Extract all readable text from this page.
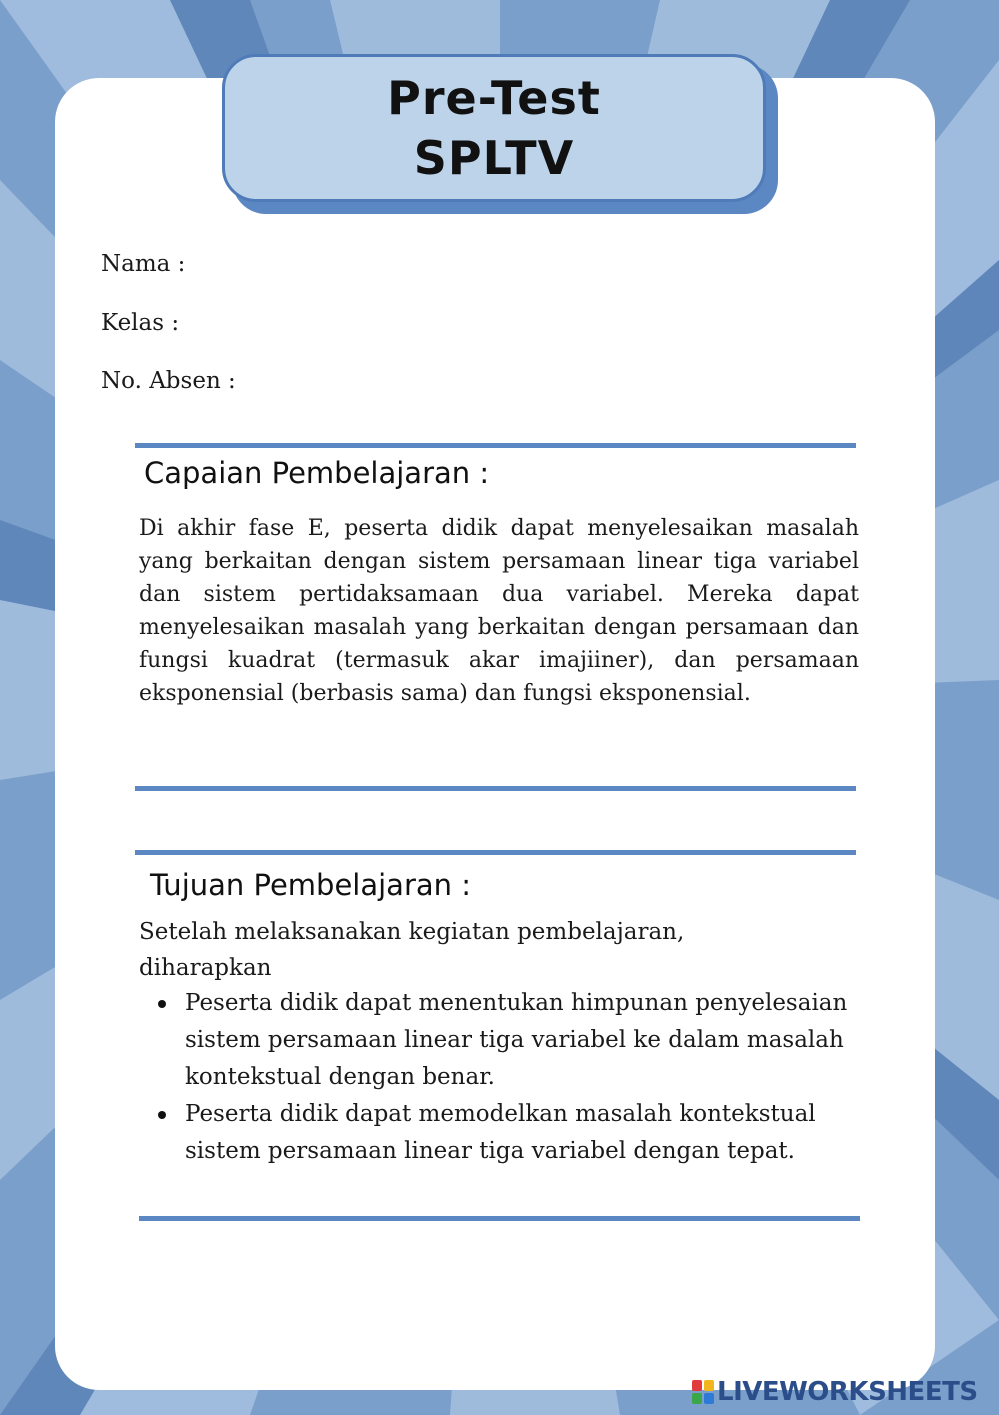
Pre-Test
SPLTV
Nama :
Kelas :
No. Absen :
Capaian Pembelajaran :
Di akhir fase E, peserta didik dapat menyelesaikan masalah yang berkaitan dengan sistem persamaan linear tiga variabel dan sistem pertidaksamaan dua variabel. Mereka dapat menyelesaikan masalah yang berkaitan dengan persamaan dan fungsi kuadrat (termasuk akar imajiiner), dan persamaan eksponensial (berbasis sama) dan fungsi eksponensial.
Tujuan Pembelajaran :
Setelah melaksanakan kegiatan pembelajaran,
diharapkan
Peserta didik dapat menentukan himpunan penyelesaian sistem persamaan linear tiga variabel ke dalam masalah kontekstual dengan benar.
Peserta didik dapat memodelkan masalah kontekstual sistem persamaan linear tiga variabel dengan tepat.
LIVEWORKSHEETS
